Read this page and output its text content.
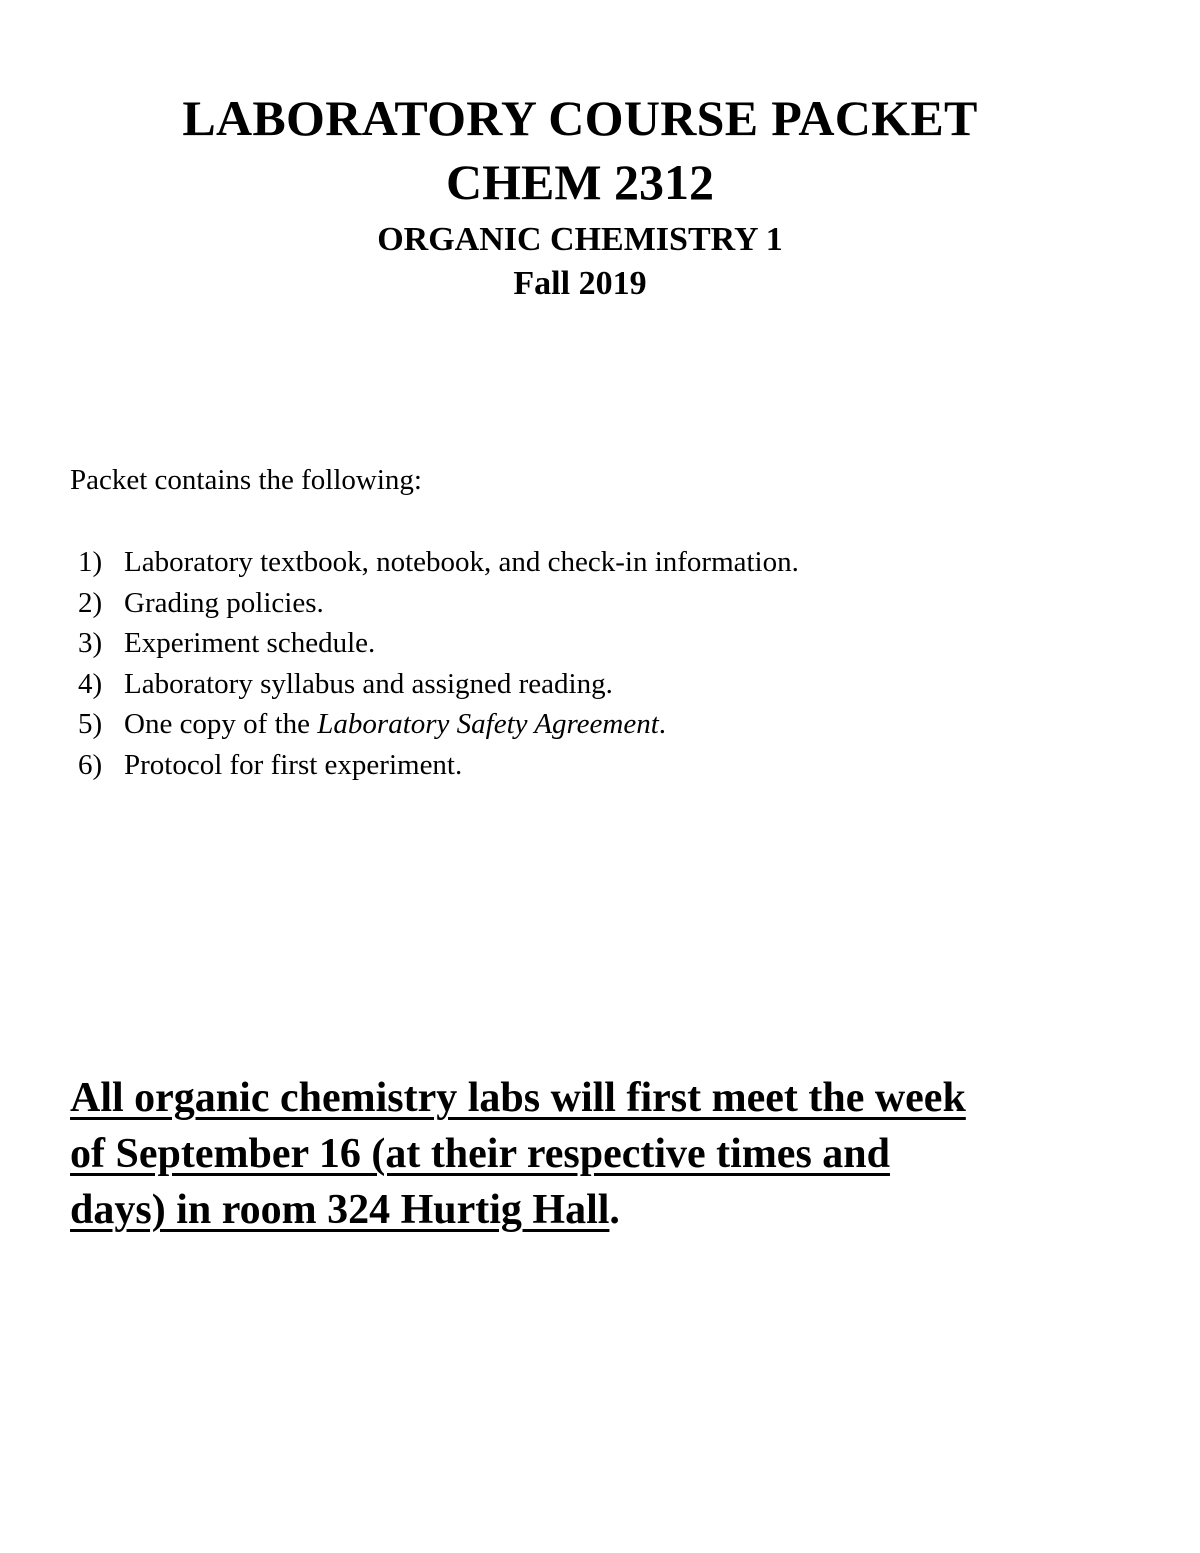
LABORATORY COURSE PACKET
CHEM 2312
ORGANIC CHEMISTRY 1
Fall 2019
Packet contains the following:
1) Laboratory textbook, notebook, and check-in information.
2) Grading policies.
3) Experiment schedule.
4) Laboratory syllabus and assigned reading.
5) One copy of the Laboratory Safety Agreement.
6) Protocol for first experiment.
All organic chemistry labs will first meet the week
of September 16 (at their respective times and
days) in room 324 Hurtig Hall.
